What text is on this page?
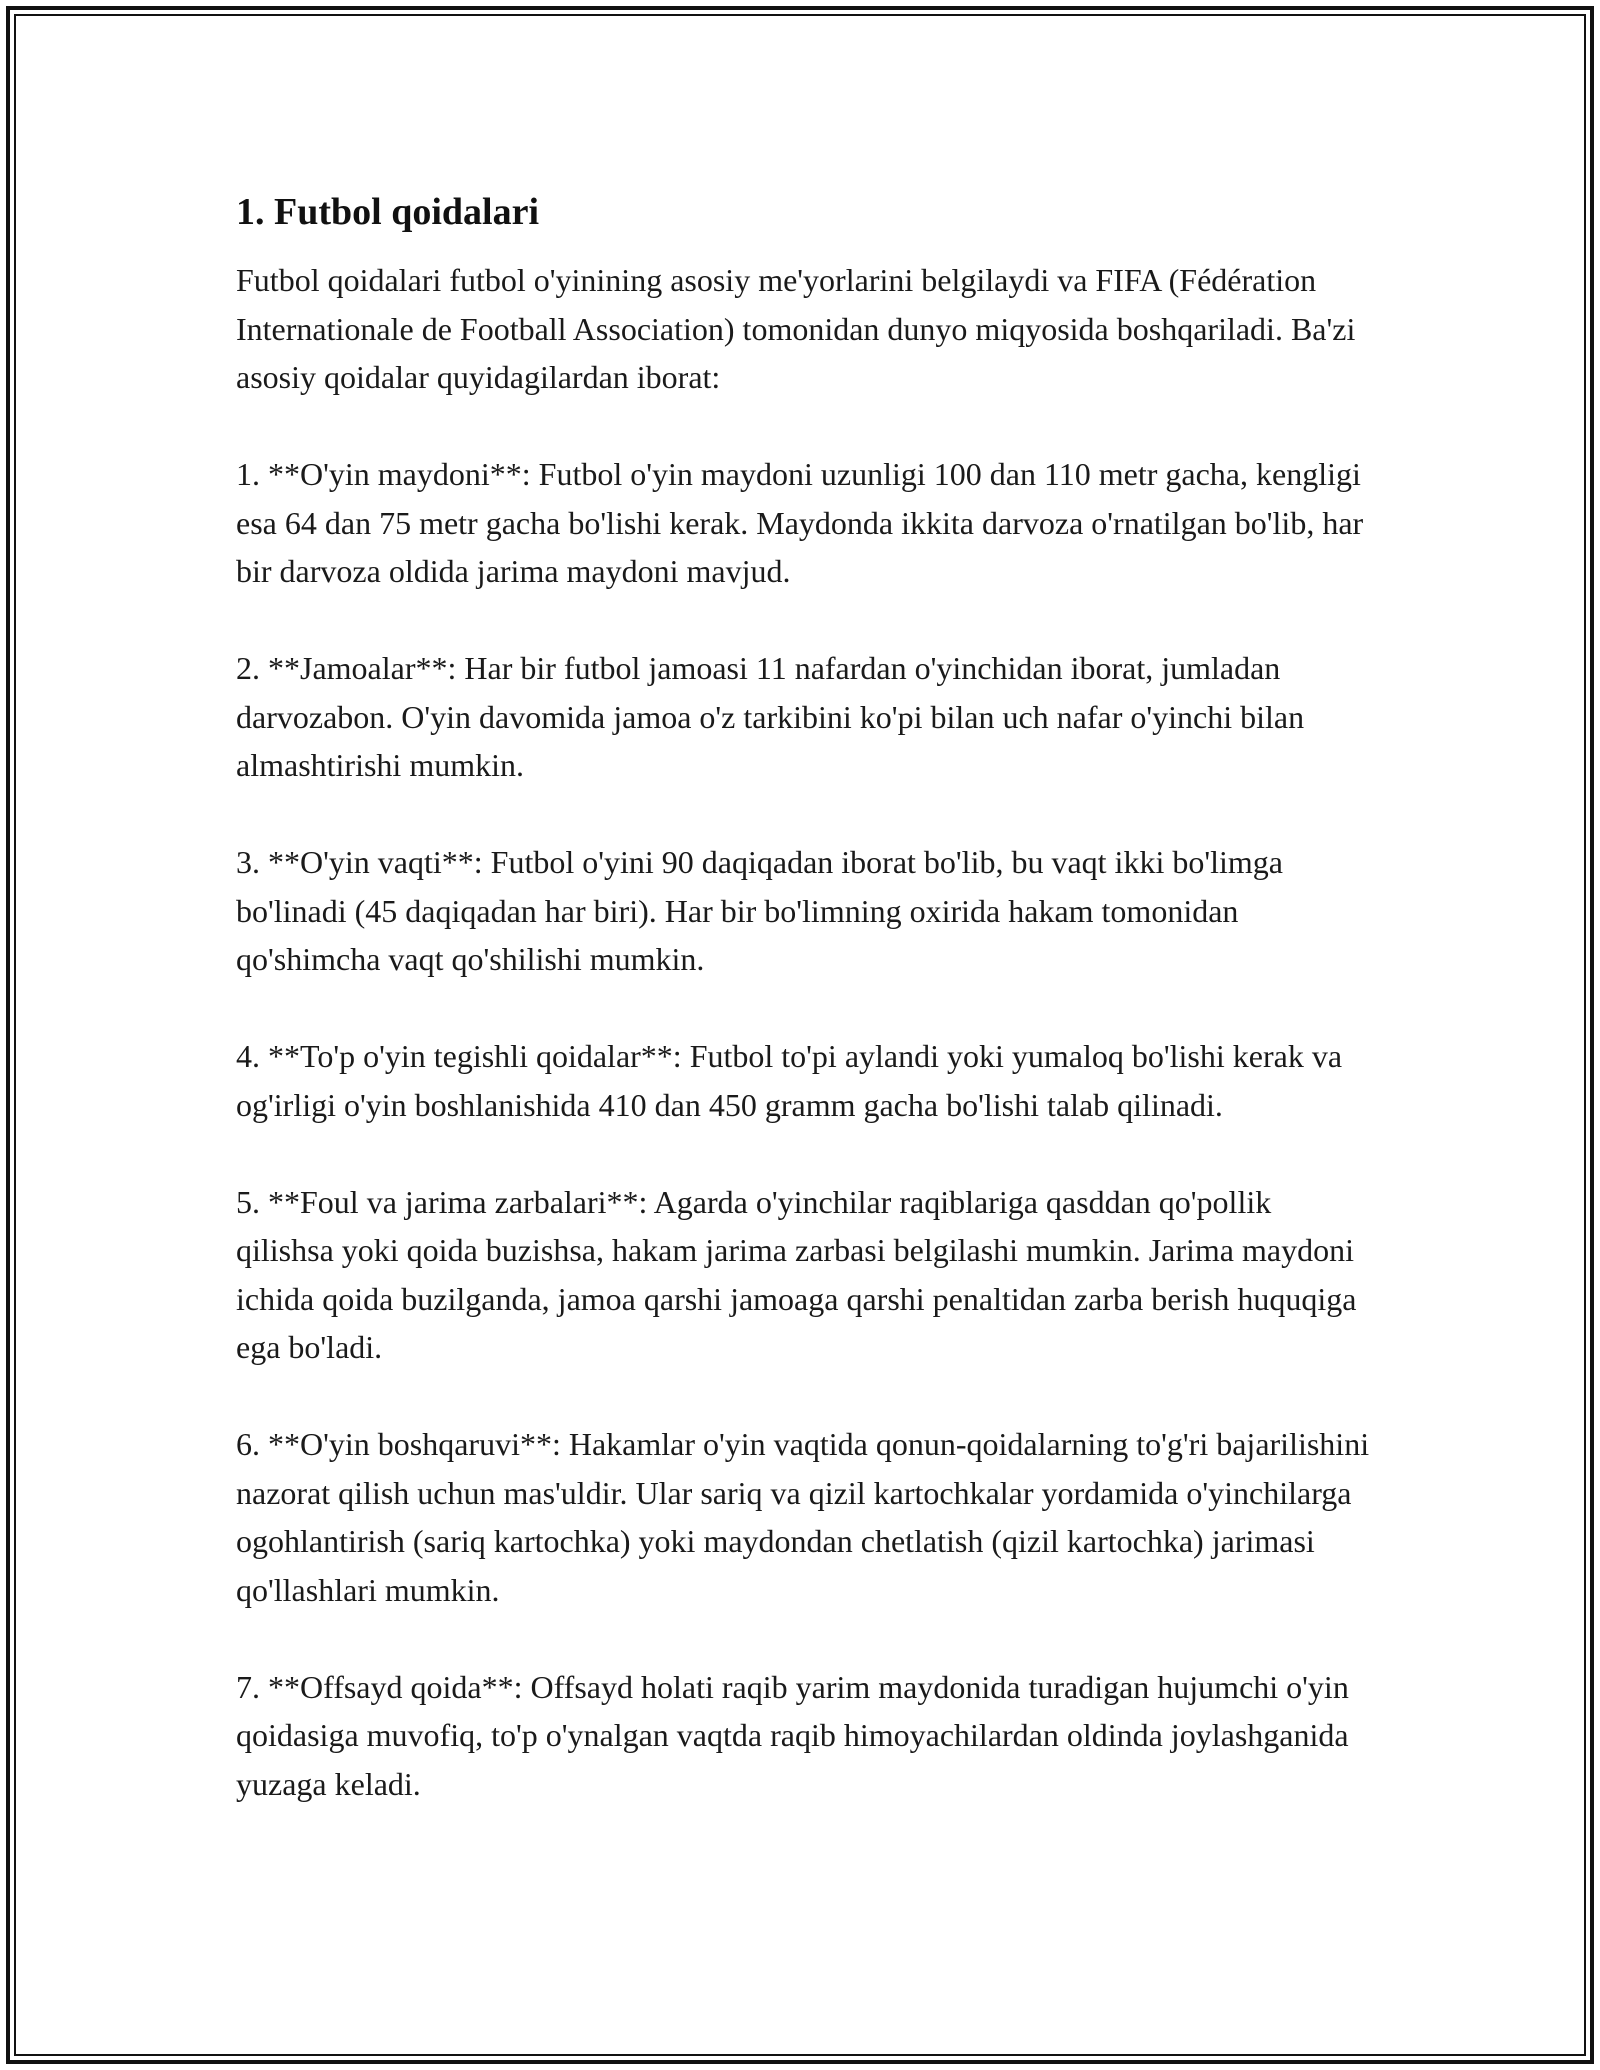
1. Futbol qoidalari

Futbol qoidalari futbol o'yinining asosiy me'yorlarini belgilaydi va FIFA (Fédération Internationale de Football Association) tomonidan dunyo miqyosida boshqariladi. Ba'zi asosiy qoidalar quyidagilardan iborat:

1. **O'yin maydoni**: Futbol o'yin maydoni uzunligi 100 dan 110 metr gacha, kengligi esa 64 dan 75 metr gacha bo'lishi kerak. Maydonda ikkita darvoza o'rnatilgan bo'lib, har bir darvoza oldida jarima maydoni mavjud.

2. **Jamoalar**: Har bir futbol jamoasi 11 nafardan o'yinchidan iborat, jumladan darvozabon. O'yin davomida jamoa o'z tarkibini ko'pi bilan uch nafar o'yinchi bilan almashtirishi mumkin.

3. **O'yin vaqti**: Futbol o'yini 90 daqiqadan iborat bo'lib, bu vaqt ikki bo'limga bo'linadi (45 daqiqadan har biri). Har bir bo'limning oxirida hakam tomonidan qo'shimcha vaqt qo'shilishi mumkin.

4. **To'p o'yin tegishli qoidalar**: Futbol to'pi aylandi yoki yumaloq bo'lishi kerak va og'irligi o'yin boshlanishida 410 dan 450 gramm gacha bo'lishi talab qilinadi.

5. **Foul va jarima zarbalari**: Agarda o'yinchilar raqiblariga qasddan qo'pollik qilishsa yoki qoida buzishsa, hakam jarima zarbasi belgilashi mumkin. Jarima maydoni ichida qoida buzilganda, jamoa qarshi jamoaga qarshi penaltidan zarba berish huquqiga ega bo'ladi.

6. **O'yin boshqaruvi**: Hakamlar o'yin vaqtida qonun-qoidalarning to'g'ri bajarilishini nazorat qilish uchun mas'uldir. Ular sariq va qizil kartochkalar yordamida o'yinchilarga ogohlantirish (sariq kartochka) yoki maydondan chetlatish (qizil kartochka) jarimasi qo'llashlari mumkin.

7. **Offsayd qoida**: Offsayd holati raqib yarim maydonida turadigan hujumchi o'yin qoidasiga muvofiq, to'p o'ynalgan vaqtda raqib himoyachilardan oldinda joylashganida yuzaga keladi.
